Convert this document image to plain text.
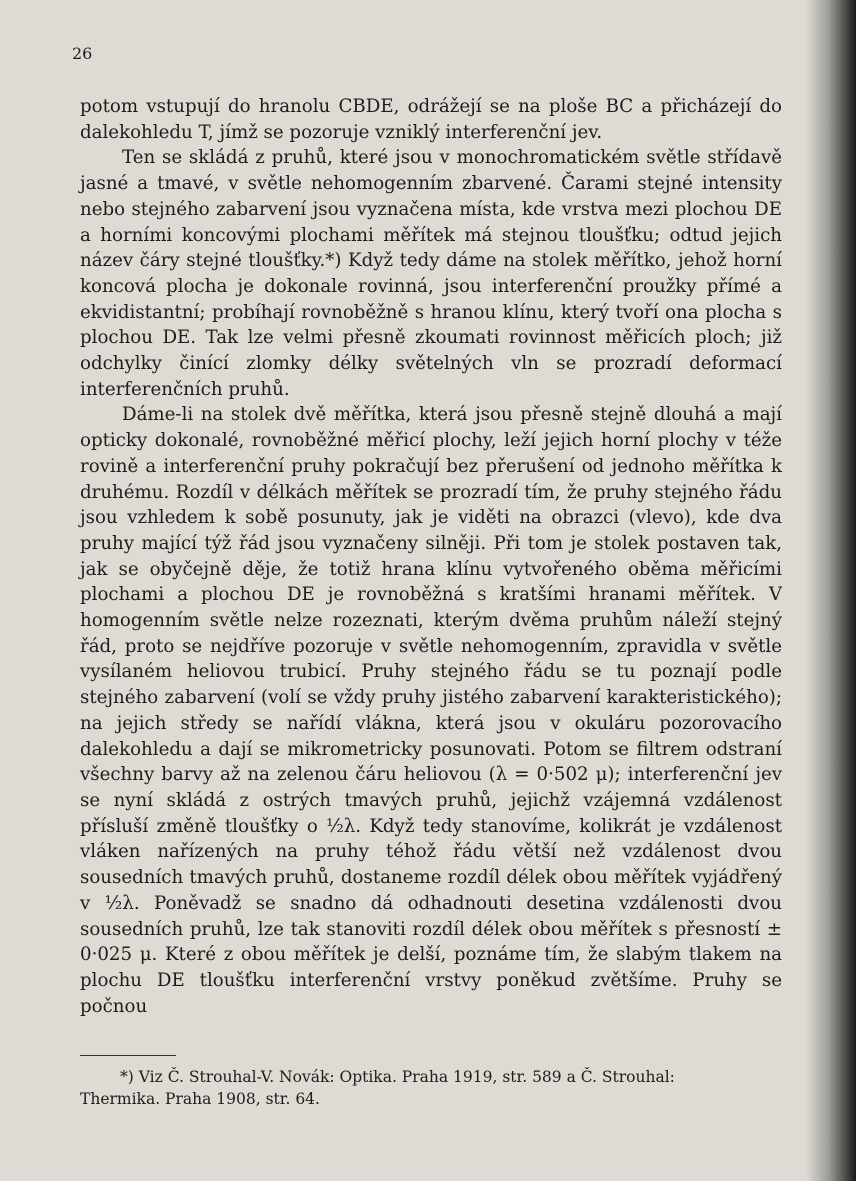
26

potom vstupují do hranolu CBDE, odrážejí se na ploše BC a přicházejí do dalekohledu T, jímž se pozoruje vzniklý interferenční jev.

Ten se skládá z pruhů, které jsou v monochromatickém světle střídavě jasné a tmavé, v světle nehomogenním zbarvené. Čarami stejné intensity nebo stejného zabarvení jsou vyznačena místa, kde vrstva mezi plochou DE a horními koncovými plochami měřítek má stejnou tloušťku; odtud jejich název čáry stejné tloušťky.*) Když tedy dáme na stolek měřítko, jehož horní koncová plocha je dokonale rovinná, jsou interferenční proužky přímé a ekvidistantní; probíhají rovnoběžně s hranou klínu, který tvoří ona plocha s plochou DE. Tak lze velmi přesně zkoumati rovinnost měřicích ploch; již odchylky činící zlomky délky světelných vln se prozradí deformací interferenčních pruhů.

Dáme-li na stolek dvě měřítka, která jsou přesně stejně dlouhá a mají opticky dokonalé, rovnoběžné měřicí plochy, leží jejich horní plochy v téže rovině a interferenční pruhy pokračují bez přerušení od jednoho měřítka k druhému. Rozdíl v délkách měřítek se prozradí tím, že pruhy stejného řádu jsou vzhledem k sobě posunuty, jak je viděti na obrazci (vlevo), kde dva pruhy mající týž řád jsou vyznačeny silněji. Při tom je stolek postaven tak, jak se obyčejně děje, že totiž hrana klínu vytvořeného oběma měřicími plochami a plochou DE je rovnoběžná s kratšími hranami měřítek. V homogenním světle nelze rozeznati, kterým dvěma pruhům náleží stejný řád, proto se nejdříve pozoruje v světle nehomogenním, zpravidla v světle vysílaném heliovou trubicí. Pruhy stejného řádu se tu poznají podle stejného zabarvení (volí se vždy pruhy jistého zabarvení karakteristického); na jejich středy se nařídí vlákna, která jsou v okuláru pozorovacího dalekohledu a dají se mikrometricky posunovati. Potom se filtrem odstraní všechny barvy až na zelenou čáru heliovou (λ = 0·502 μ); interferenční jev se nyní skládá z ostrých tmavých pruhů, jejichž vzájemná vzdálenost přísluší změně tloušťky o ½λ. Když tedy stanovíme, kolikrát je vzdálenost vláken nařízených na pruhy téhož řádu větší než vzdálenost dvou sousedních tmavých pruhů, dostaneme rozdíl délek obou měřítek vyjádřený v ½λ. Poněvadž se snadno dá odhadnouti desetina vzdálenosti dvou sousedních pruhů, lze tak stanoviti rozdíl délek obou měřítek s přesností ± 0·025 μ. Které z obou měřítek je delší, poznáme tím, že slabým tlakem na plochu DE tloušťku interferenční vrstvy poněkud zvětšíme. Pruhy se počnou

*) Viz Č. Strouhal-V. Novák: Optika. Praha 1919, str. 589 a Č. Strouhal:
Thermika. Praha 1908, str. 64.
